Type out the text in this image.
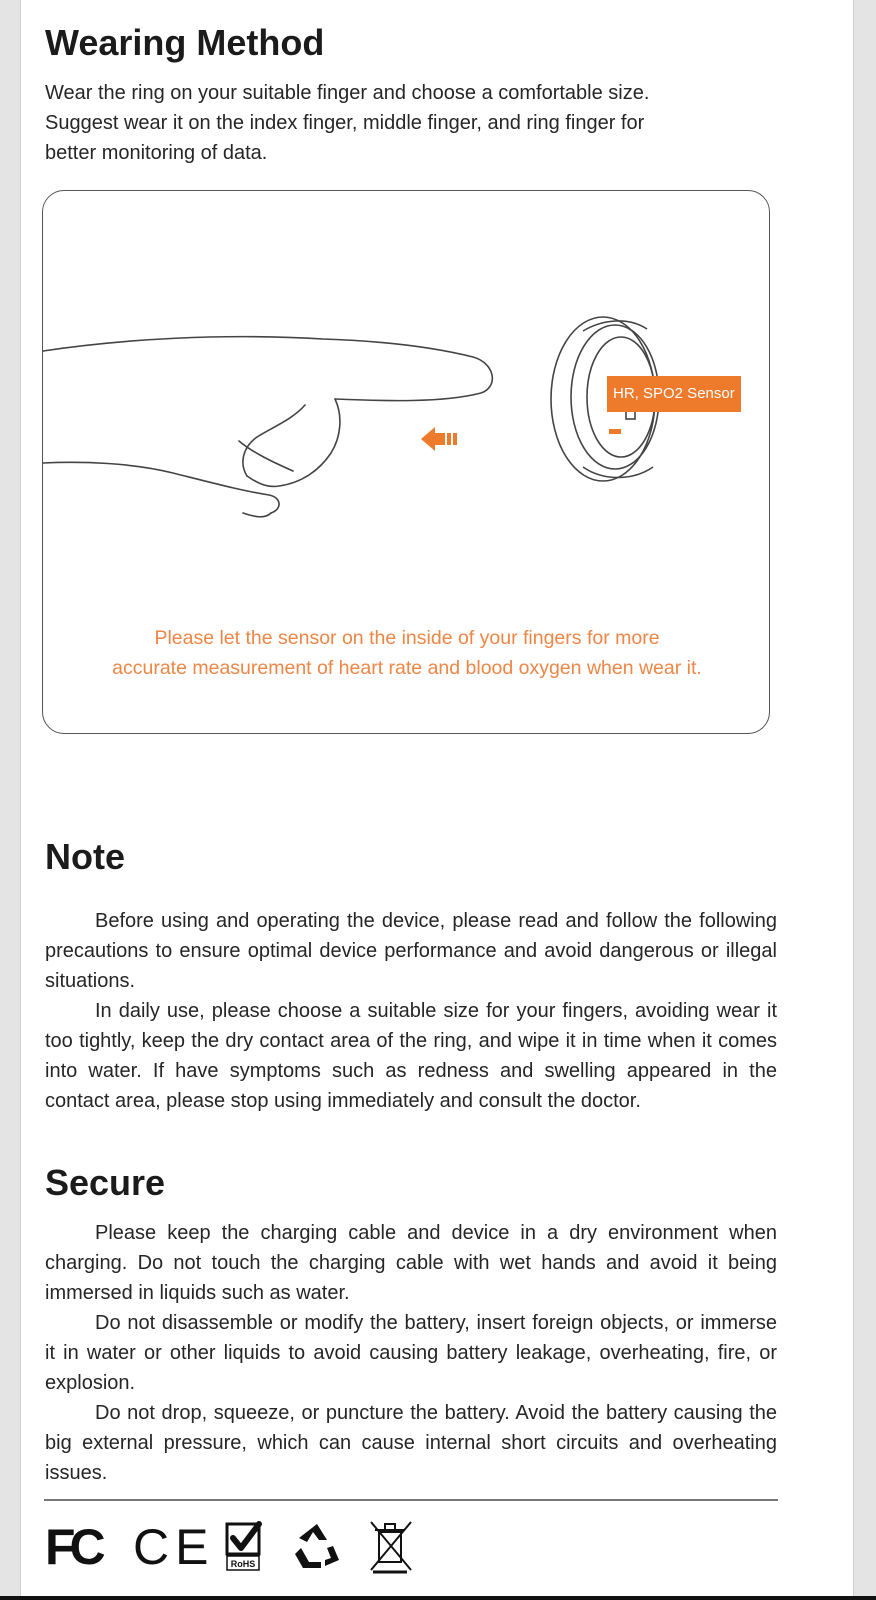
Wearing Method

Wear the ring on your suitable finger and choose a comfortable size.

Suggest wear it on the index finger, middle finger, and ring finger for

better monitoring of data.

HR, SPO2 Sensor

Please let the sensor on the inside of your fingers for more

accurate measurement of heart rate and blood oxygen when wear it.

Note

Before using and operating the device, please read and follow the following precautions to ensure optimal device performance and avoid dangerous or illegal situations.

In daily use, please choose a suitable size for your fingers, avoiding wear it too tightly, keep the dry contact area of the ring, and wipe it in time when it comes into water. If have symptoms such as redness and swelling appeared in the contact area, please stop using immediately and consult the doctor.

Secure

Please keep the charging cable and device in a dry environment when charging. Do not touch the charging cable with wet hands and avoid it being immersed in liquids such as water.

Do not disassemble or modify the battery, insert foreign objects, or immerse it in water or other liquids to avoid causing battery leakage, overheating, fire, or explosion.

Do not drop, squeeze, or puncture the battery. Avoid the battery causing the big external pressure, which can cause internal short circuits and overheating issues.

FC CE RoHS
